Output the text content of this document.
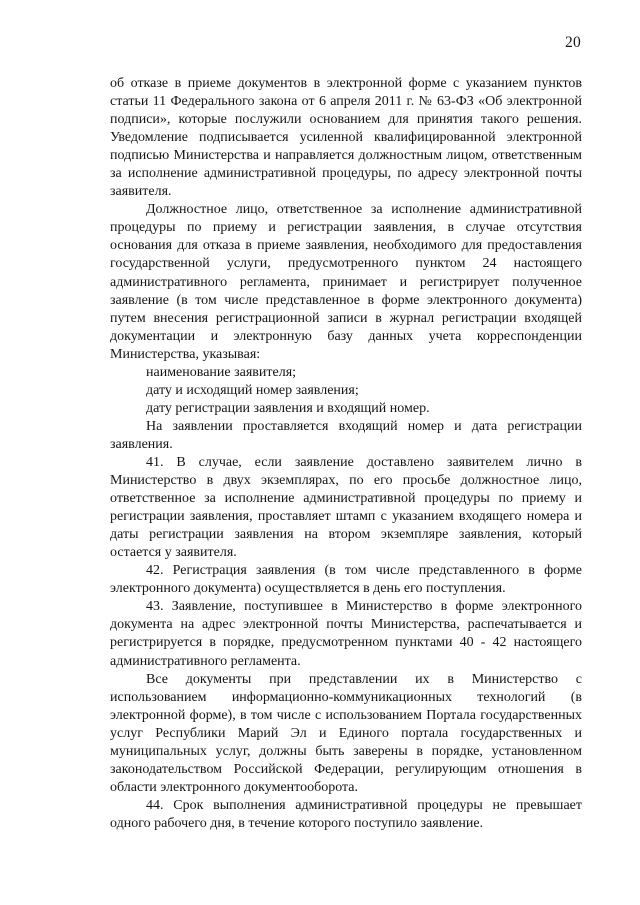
20

об отказе в приеме документов в электронной форме с указанием пунктов статьи 11 Федерального закона от 6 апреля 2011 г. № 63-ФЗ «Об электронной подписи», которые послужили основанием для принятия такого решения. Уведомление подписывается усиленной квалифицированной электронной подписью Министерства и направляется должностным лицом, ответственным за исполнение административной процедуры, по адресу электронной почты заявителя.

Должностное лицо, ответственное за исполнение административной процедуры по приему и регистрации заявления, в случае отсутствия основания для отказа в приеме заявления, необходимого для предоставления государственной услуги, предусмотренного пунктом 24 настоящего административного регламента, принимает и регистрирует полученное заявление (в том числе представленное в форме электронного документа) путем внесения регистрационной записи в журнал регистрации входящей документации и электронную базу данных учета корреспонденции Министерства, указывая:

наименование заявителя;

дату и исходящий номер заявления;

дату регистрации заявления и входящий номер.

На заявлении проставляется входящий номер и дата регистрации заявления.

41. В случае, если заявление доставлено заявителем лично в Министерство в двух экземплярах, по его просьбе должностное лицо, ответственное за исполнение административной процедуры по приему и регистрации заявления, проставляет штамп с указанием входящего номера и даты регистрации заявления на втором экземпляре заявления, который остается у заявителя.

42. Регистрация заявления (в том числе представленного в форме электронного документа) осуществляется в день его поступления.

43. Заявление, поступившее в Министерство в форме электронного документа на адрес электронной почты Министерства, распечатывается и регистрируется в порядке, предусмотренном пунктами 40 - 42 настоящего административного регламента.

Все документы при представлении их в Министерство с использованием информационно-коммуникационных технологий (в электронной форме), в том числе с использованием Портала государственных услуг Республики Марий Эл и Единого портала государственных и муниципальных услуг, должны быть заверены в порядке, установленном законодательством Российской Федерации, регулирующим отношения в области электронного документооборота.

44. Срок выполнения административной процедуры не превышает одного рабочего дня, в течение которого поступило заявление.
